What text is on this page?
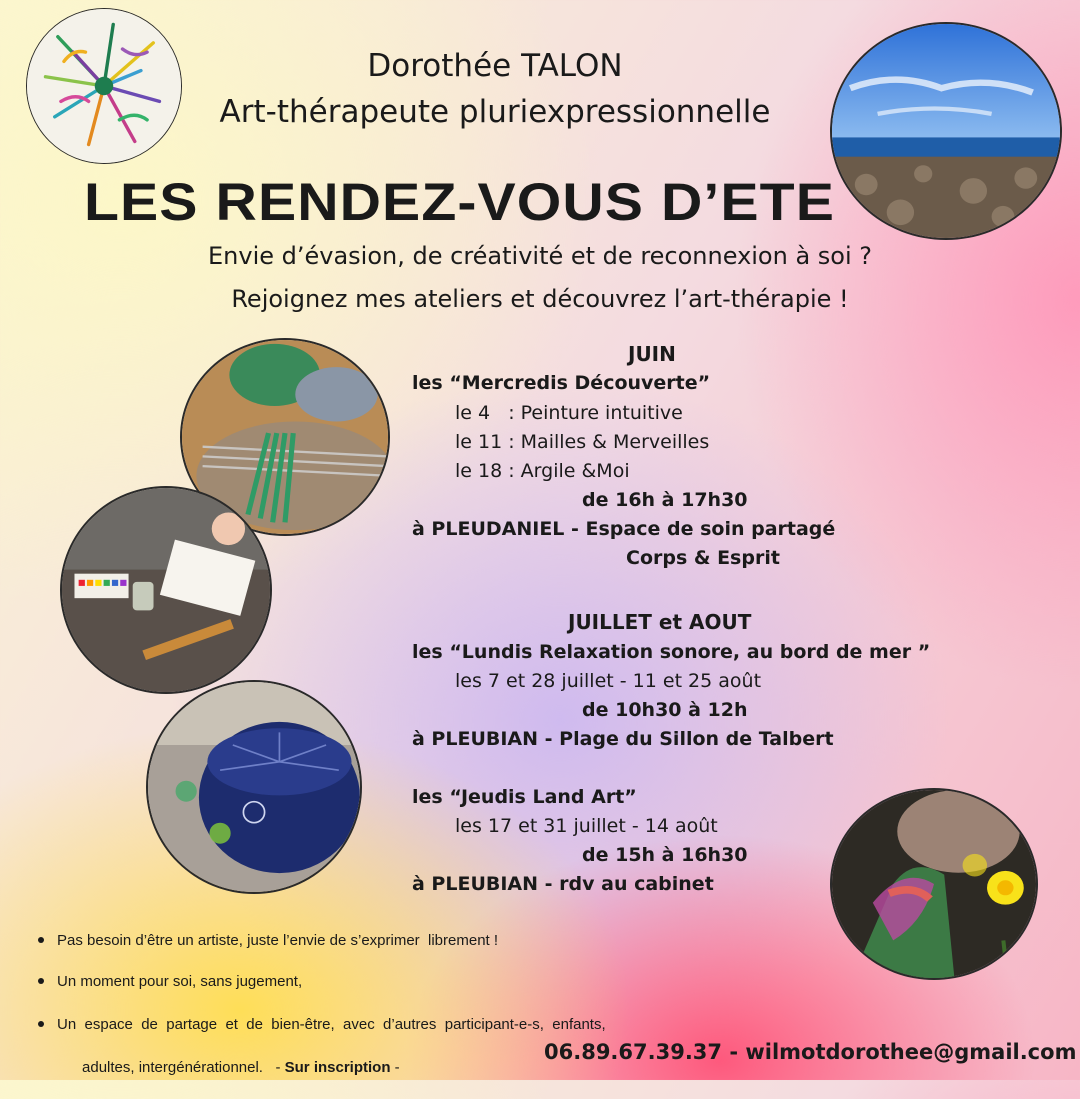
Dorothée TALON
Art-thérapeute pluriexpressionnelle
LES RENDEZ-VOUS D’ETE
Envie d’évasion, de créativité et de reconnexion à soi ?
Rejoignez mes ateliers et découvrez l’art-thérapie !
JUIN
les “Mercredis Découverte”
le 4   : Peinture intuitive
le 11 : Mailles & Merveilles
le 18 : Argile &Moi
de 16h à 17h30
à PLEUDANIEL - Espace de soin partagé
Corps & Esprit
JUILLET et AOUT
les “Lundis Relaxation sonore, au bord de mer ”
les 7 et 28 juillet - 11 et 25 août
de 10h30 à 12h
à PLEUBIAN - Plage du Sillon de Talbert
les “Jeudis Land Art”
les 17 et 31 juillet - 14 août
de 15h à 16h30
à PLEUBIAN - rdv au cabinet
Pas besoin d’être un artiste, juste l’envie de s’exprimer  librement !
Un moment pour soi, sans jugement,
Un  espace  de  partage  et  de  bien-être,  avec  d’autres  participant-e-s,  enfants,

adultes, intergénérationnel.   - Sur inscription -

06.89.67.39.37 - wilmotdorothee@gmail.com
